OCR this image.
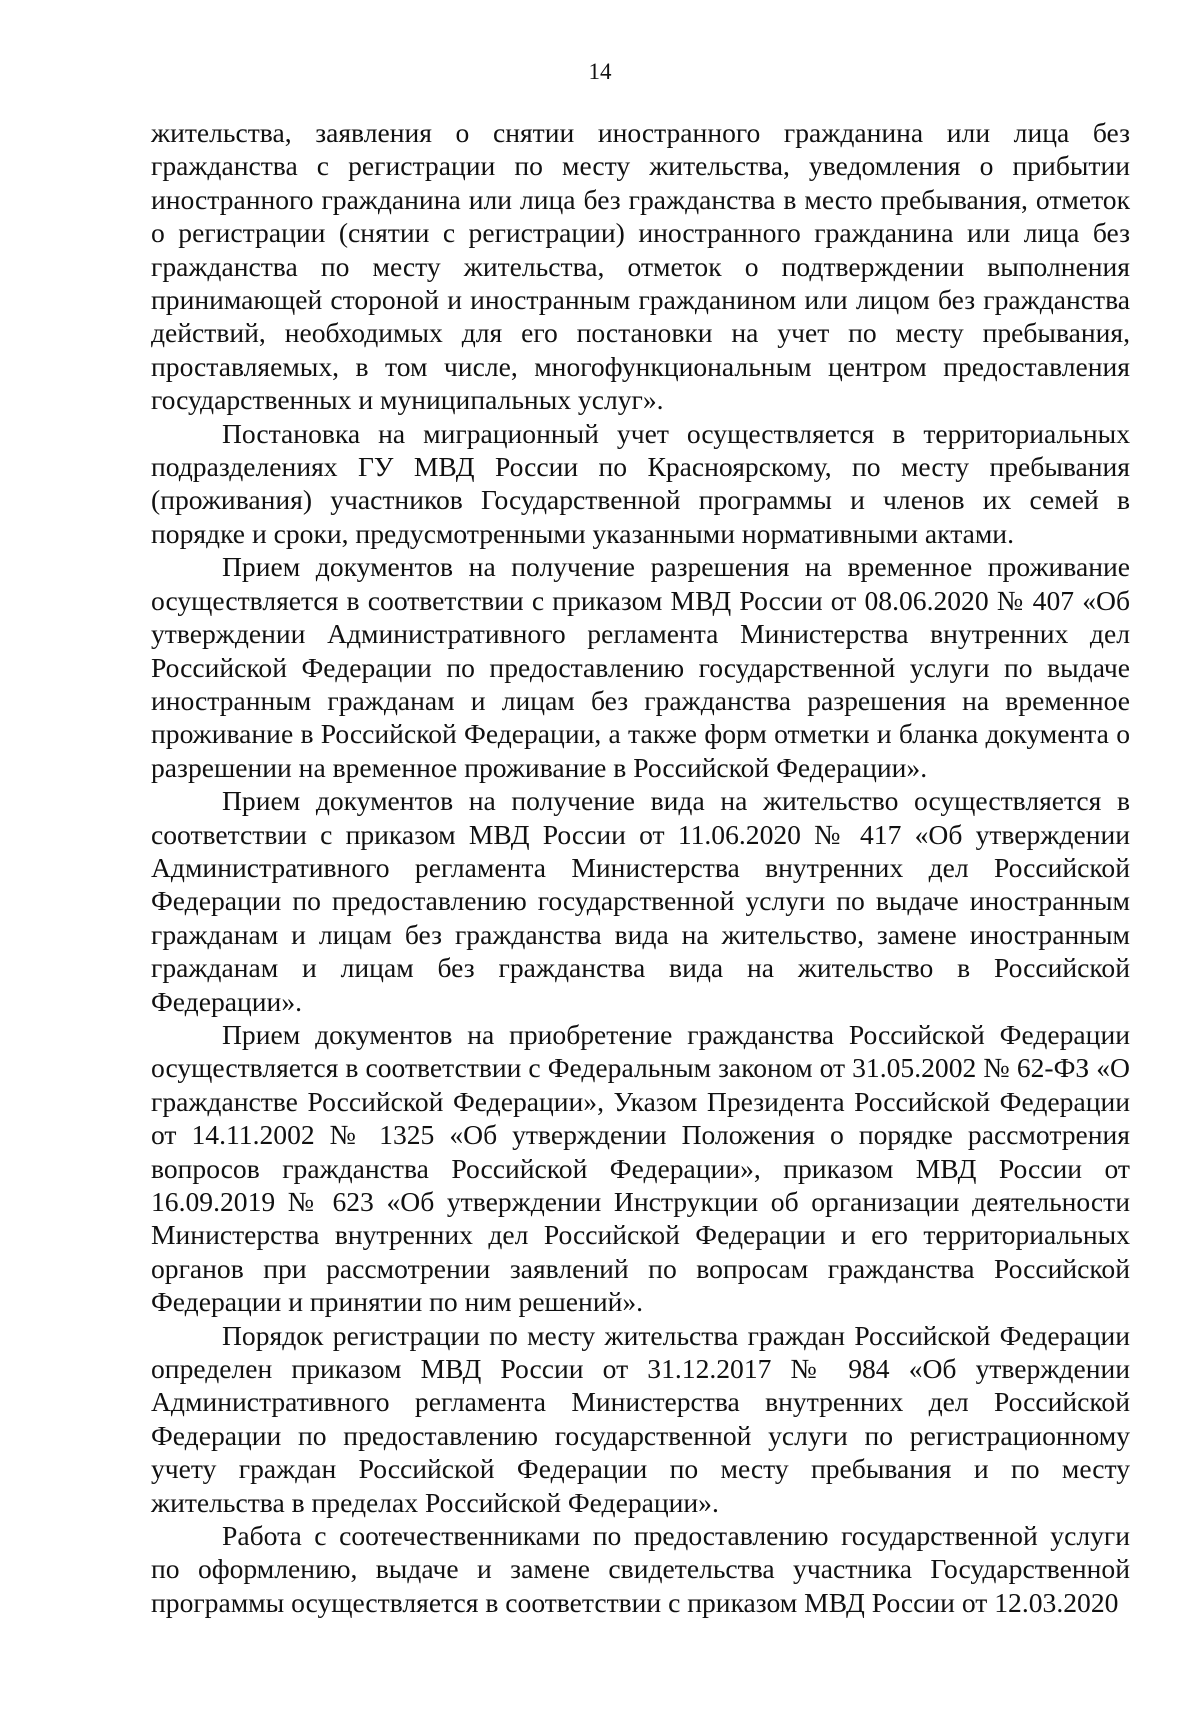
14

жительства, заявления о снятии иностранного гражданина или лица без гражданства с регистрации по месту жительства, уведомления о прибытии иностранного гражданина или лица без гражданства в место пребывания, отметок о регистрации (снятии с регистрации) иностранного гражданина или лица без гражданства по месту жительства, отметок о подтверждении выполнения принимающей стороной и иностранным гражданином или лицом без гражданства действий, необходимых для его постановки на учет по месту пребывания, проставляемых, в том числе, многофункциональным центром предоставления государственных и муниципальных услуг».

Постановка на миграционный учет осуществляется в территориальных подразделениях ГУ МВД России по Красноярскому, по месту пребывания (проживания) участников Государственной программы и членов их семей в порядке и сроки, предусмотренными указанными нормативными актами.

Прием документов на получение разрешения на временное проживание осуществляется в соответствии с приказом МВД России от 08.06.2020 № 407 «Об утверждении Административного регламента Министерства внутренних дел Российской Федерации по предоставлению государственной услуги по выдаче иностранным гражданам и лицам без гражданства разрешения на временное проживание в Российской Федерации, а также форм отметки и бланка документа о разрешении на временное проживание в Российской Федерации».

Прием документов на получение вида на жительство осуществляется в соответствии с приказом МВД России от 11.06.2020 № 417 «Об утверждении Административного регламента Министерства внутренних дел Российской Федерации по предоставлению государственной услуги по выдаче иностранным гражданам и лицам без гражданства вида на жительство, замене иностранным гражданам и лицам без гражданства вида на жительство в Российской Федерации».

Прием документов на приобретение гражданства Российской Федерации осуществляется в соответствии с Федеральным законом от 31.05.2002 № 62-ФЗ «О гражданстве Российской Федерации», Указом Президента Российской Федерации от 14.11.2002 № 1325 «Об утверждении Положения о порядке рассмотрения вопросов гражданства Российской Федерации», приказом МВД России от 16.09.2019 № 623 «Об утверждении Инструкции об организации деятельности Министерства внутренних дел Российской Федерации и его территориальных органов при рассмотрении заявлений по вопросам гражданства Российской Федерации и принятии по ним решений».

Порядок регистрации по месту жительства граждан Российской Федерации определен приказом МВД России от 31.12.2017 № 984 «Об утверждении Административного регламента Министерства внутренних дел Российской Федерации по предоставлению государственной услуги по регистрационному учету граждан Российской Федерации по месту пребывания и по месту жительства в пределах Российской Федерации».

Работа с соотечественниками по предоставлению государственной услуги по оформлению, выдаче и замене свидетельства участника Государственной программы осуществляется в соответствии с приказом МВД России от 12.03.2020
